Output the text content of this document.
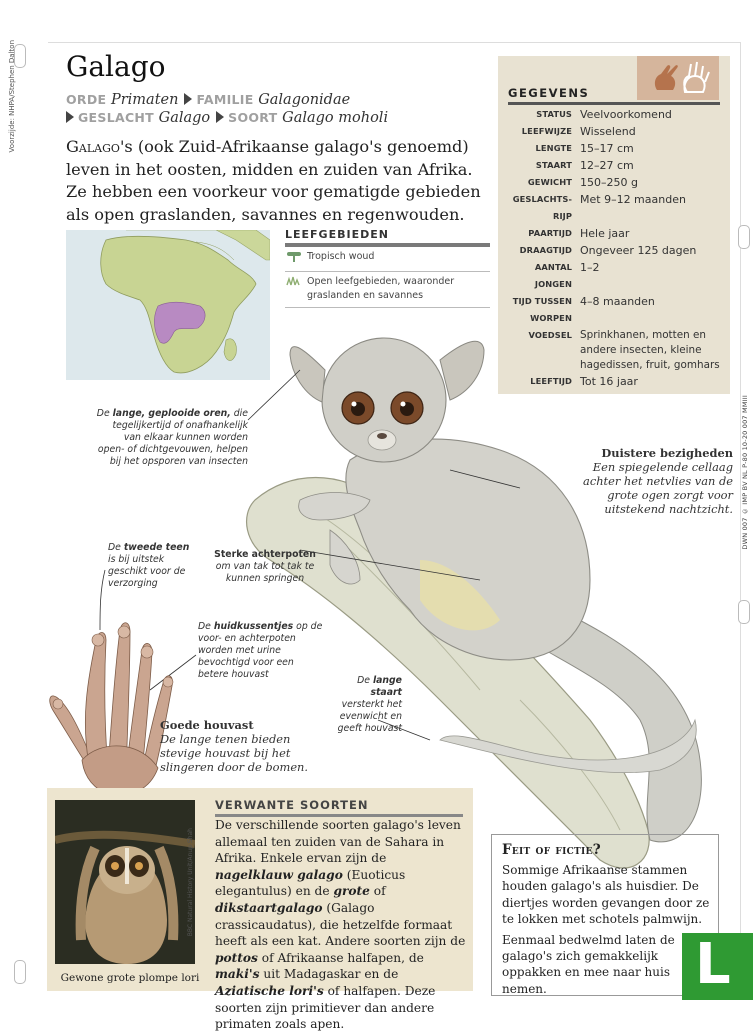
Voorzijde: NHPA/Stephen Dalton
DWN 007 © IMP BV NL P-80 10-20 007 MMIII
Galago
ORDE Primaten FAMILIE Galagonidae
GESLACHT Galago SOORT Galago moholi
Galago's (ook Zuid-Afrikaanse galago's genoemd) leven in het oosten, midden en zuiden van Afrika. Ze hebben een voorkeur voor gematigde gebieden als open graslanden, savannes en regenwouden.
LEEFGEBIEDEN
Tropisch woud
Open leefgebieden, waaronder graslanden en savannes
GEGEVENS
STATUS Veelvoorkomend
LEEFWIJZE Wisselend
LENGTE 15–17 cm
STAART 12–27 cm
GEWICHT 150–250 g
GESLACHTS-RIJP
Met 9–12 maanden
PAARTIJD Hele jaar
DRAAGTIJD Ongeveer 125 dagen
AANTAL JONGEN
1–2
TIJD TUSSEN WORPEN
4–8 maanden
VOEDSEL Sprinkhanen, motten en andere insecten, kleine hagedissen, fruit, gomhars
LEEFTIJD Tot 16 jaar
De lange, geplooide oren, die tegelijkertijd of onafhankelijk van elkaar kunnen worden open- of dichtgevouwen, helpen bij het opsporen van insecten
De tweede teen is bij uitstek geschikt voor de verzorging
Sterke achterpoten
om van tak tot tak te kunnen springen
De huidkussentjes op de voor- en achterpoten worden met urine bevochtigd voor een betere houvast
De lange staart versterkt het evenwicht en geeft houvast
Duistere bezigheden
Een spiegelende cellaag achter het netvlies van de grote ogen zorgt voor uitstekend nachtzicht.
Goede houvast
De lange tenen bieden stevige houvast bij het slingeren door de bomen.
BBC Natural History Unit/Anup Shah
Gewone grote plompe lori
VERWANTE SOORTEN
De verschillende soorten galago's leven allemaal ten zuiden van de Sahara in Afrika. Enkele ervan zijn de nagelklauw galago (Euoticus elegantulus) en de grote of dikstaartgalago (Galago crassicaudatus), die hetzelfde formaat heeft als een kat. Andere soorten zijn de pottos of Afrikaanse halfapen, de maki's uit Madagaskar en de Aziatische lori's of halfapen. Deze soorten zijn primitiever dan andere primaten zoals apen.
Feit of fictie?
Sommige Afrikaanse stammen houden galago's als huisdier. De diertjes worden gevangen door ze te lokken met schotels palmwijn.

Eenmaal bedwelmd laten de galago's zich gemakkelijk oppakken en mee naar huis nemen.	L
